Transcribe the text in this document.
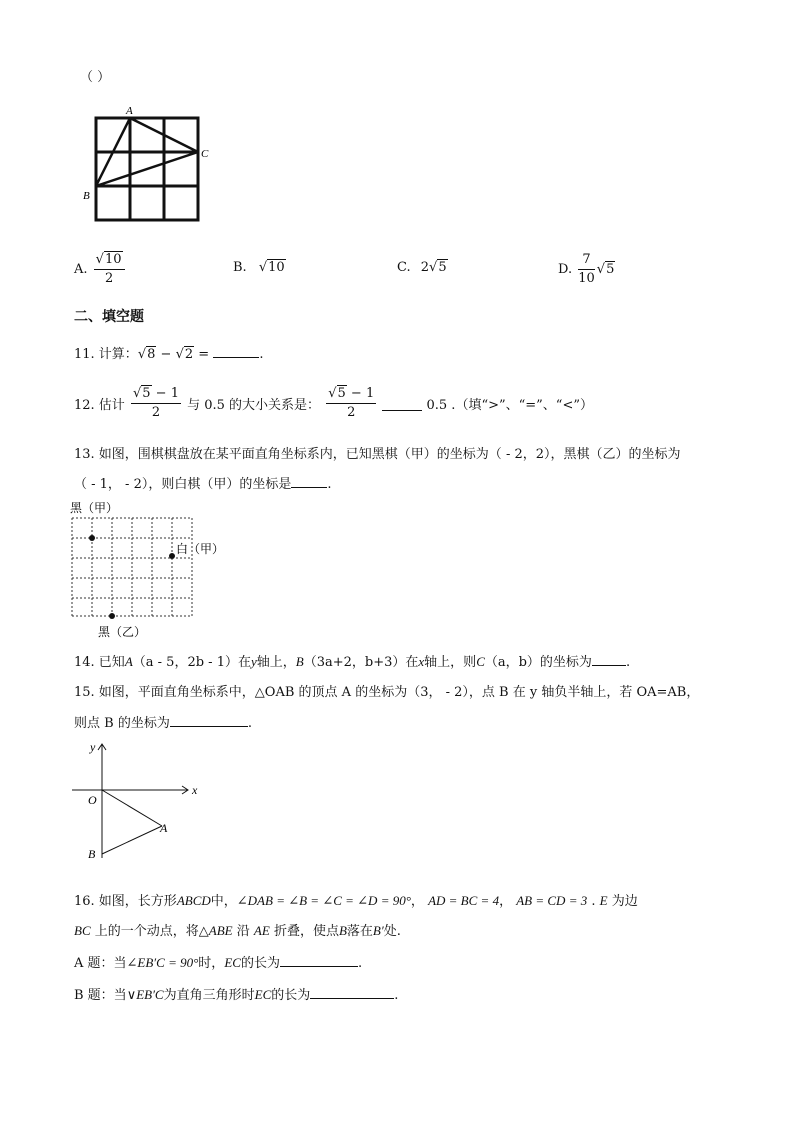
（ ）
A
C
B
A. $\frac{√10}{2}$	B. √10	C. 2√5	D. $\frac{7}{10} √5$
二、填空题
11. 计算：√8 − √2 =	.
12. 估计 $\frac{√5 - 1}{2}$ 与 0.5 的大小关系是： $\frac{√5 - 1}{2}$	0.5 .（填“>”、“=”、“<”）
13. 如图，围棋棋盘放在某平面直角坐标系内，已知黑棋（甲）的坐标为（ - 2，2），黑棋（乙）的坐标为
（ - 1， - 2），则白棋（甲）的坐标是	.
黑（甲）
白（甲）
黑（乙）
14. 已知A（a - 5，2b - 1）在y轴上，B（3a+2，b+3）在x轴上，则C（a，b）的坐标为	.
15. 如图，平面直角坐标系中，△OAB 的顶点 A 的坐标为（3， - 2），点 B 在 y 轴负半轴上，若 OA=AB，
则点 B 的坐标为	.
y
x
O
A
B
16. 如图，长方形ABCD中，∠DAB = ∠B = ∠C = ∠D = 90°， AD = BC = 4， AB = CD = 3 . E 为边
BC 上的一个动点，将△ABE 沿 AE 折叠，使点B落在B′处.
A 题：当∠EB′C = 90°时，EC的长为	.
B 题：当∨EB′C为直角三角形时EC的长为	.
